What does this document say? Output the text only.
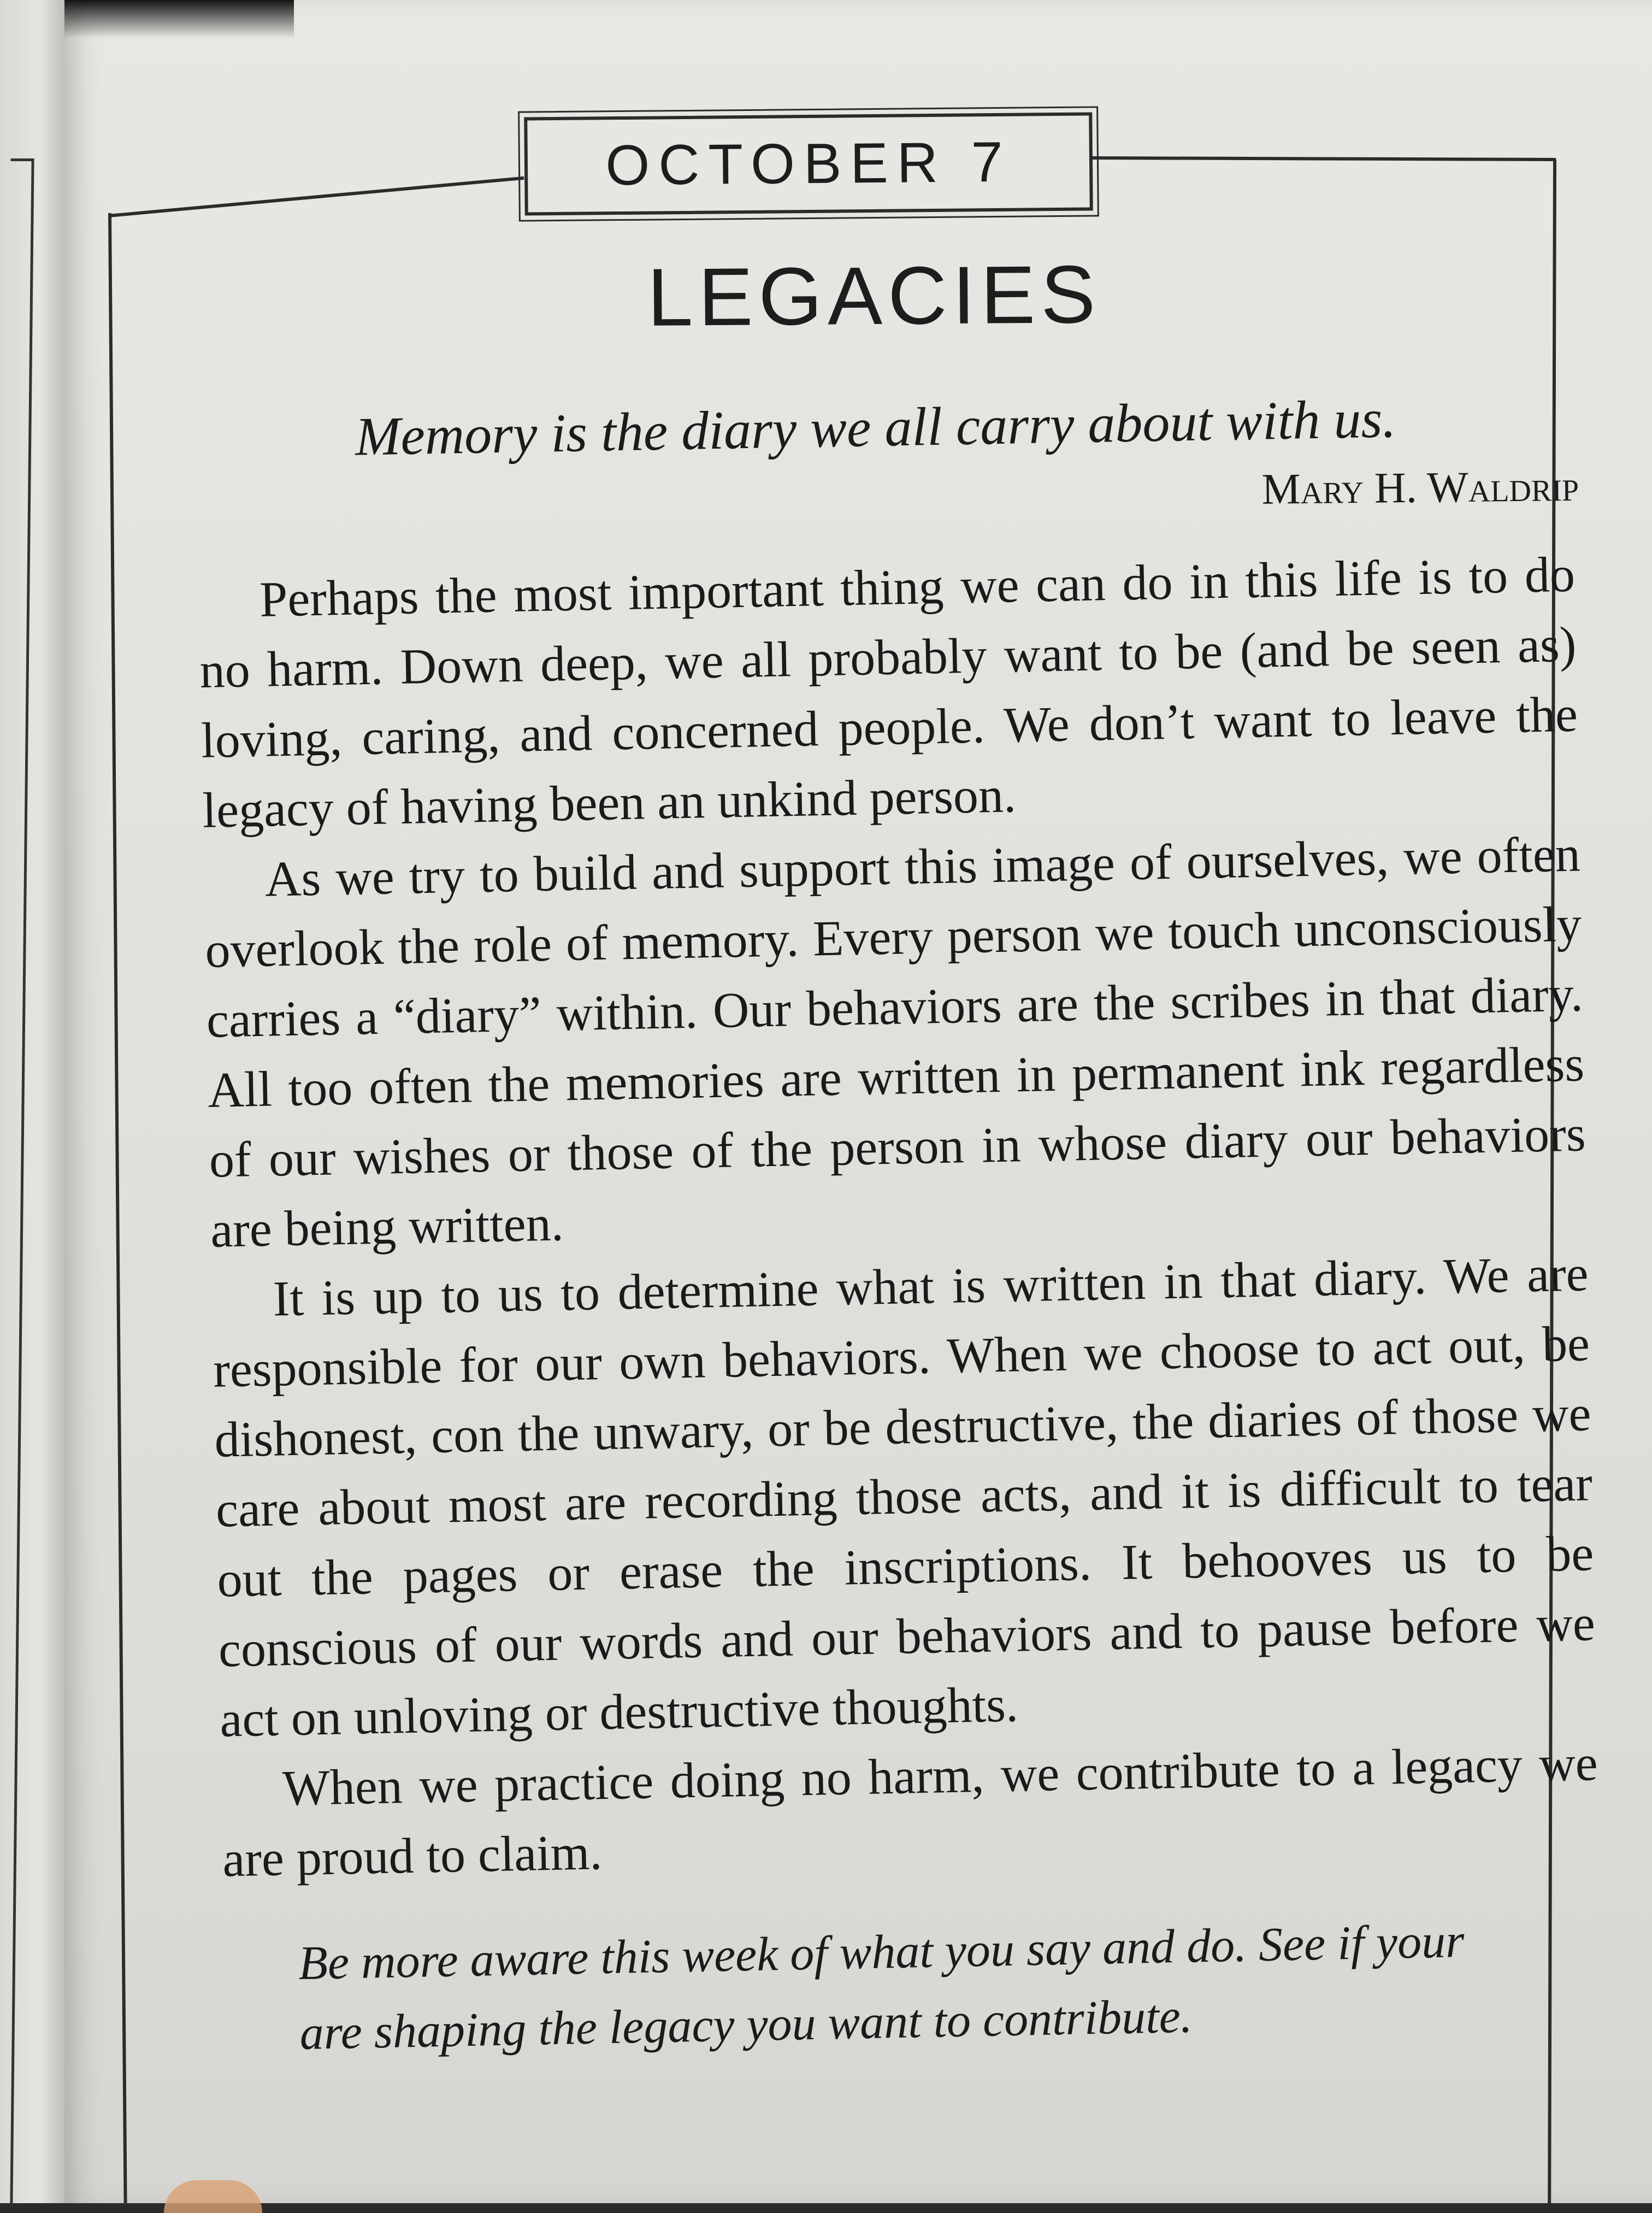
OCTOBER 7
LEGACIES
Memory is the diary we all carry about with us.
Mary H. Waldrip

Perhaps the most important thing we can do in this life is to do no harm. Down deep, we all probably want to be (and be seen as) loving, caring, and concerned people. We don’t want to leave the legacy of having been an unkind person.

As we try to build and support this image of ourselves, we often overlook the role of memory. Every person we touch unconsciously carries a “diary” within. Our behaviors are the scribes in that diary. All too often the memories are written in permanent ink regardless of our wishes or those of the person in whose diary our behaviors are being written.

It is up to us to determine what is written in that diary. We are responsible for our own behaviors. When we choose to act out, be dishonest, con the unwary, or be destructive, the diaries of those we care about most are recording those acts, and it is difficult to tear out the pages or erase the inscriptions. It behooves us to be conscious of our words and our behaviors and to pause before we act on unloving or destructive thoughts.

When we practice doing no harm, we contribute to a legacy we are proud to claim.

Be more aware this week of what you say and do. See if your are shaping the legacy you want to contribute.
